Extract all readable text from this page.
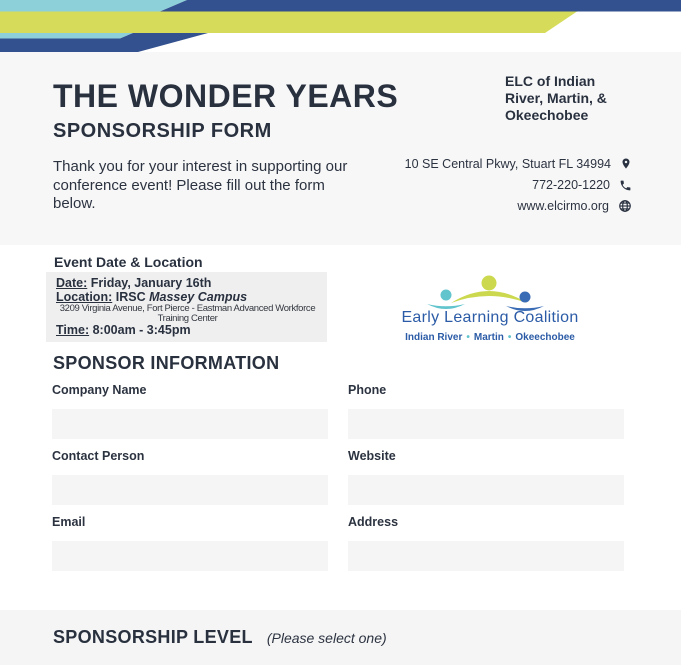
THE WONDER YEARS
SPONSORSHIP FORM
Thank you for your interest in supporting our conference event! Please fill out the form below.
ELC of Indian River, Martin, & Okeechobee
10 SE Central Pkwy, Stuart FL 34994
772-220-1220
www.elcirmo.org
Event Date & Location
Date: Friday, January 16th
Location: IRSC Massey Campus
3209 Virginia Avenue, Fort Pierce - Eastman Advanced Workforce
Training Center
Time: 8:00am - 3:45pm
Early Learning Coalition
Indian River • Martin • Okeechobee
SPONSOR INFORMATION
Company Name	Phone
Contact Person	Website
Email	Address
SPONSORSHIP LEVEL (Please select one)
